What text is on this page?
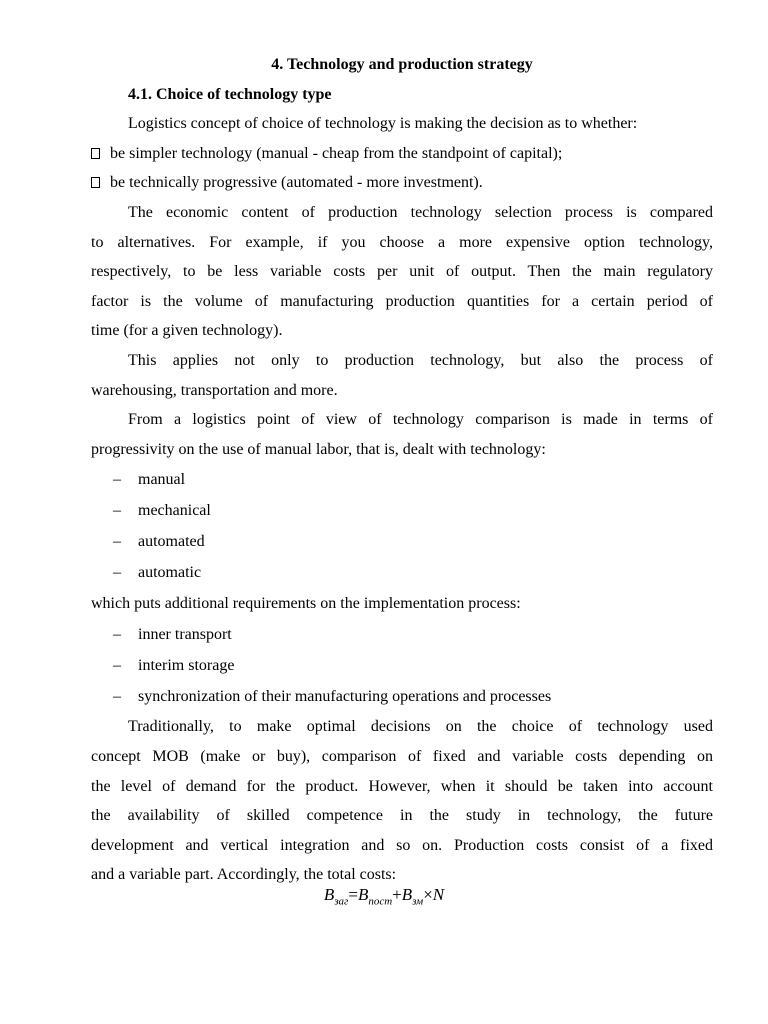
4. Technology and production strategy
4.1. Choice of technology type
Logistics concept of choice of technology is making the decision as to whether:
be simpler technology (manual - cheap from the standpoint of capital);
be technically progressive (automated - more investment).
The economic content of production technology selection process is compared
to alternatives. For example, if you choose a more expensive option technology,
respectively, to be less variable costs per unit of output. Then the main regulatory
factor is the volume of manufacturing production quantities for a certain period of
time (for a given technology).
This applies not only to production technology, but also the process of
warehousing, transportation and more.
From a logistics point of view of technology comparison is made in terms of
progressivity on the use of manual labor, that is, dealt with technology:
– manual
– mechanical
– automated
– automatic
which puts additional requirements on the implementation process:
– inner transport
– interim storage
– synchronization of their manufacturing operations and processes
Traditionally, to make optimal decisions on the choice of technology used
concept MOB (make or buy), comparison of fixed and variable costs depending on
the level of demand for the product. However, when it should be taken into account
the availability of skilled competence in the study in technology, the future
development and vertical integration and so on. Production costs consist of a fixed
and a variable part. Accordingly, the total costs:
$B_{заг}=B_{пост}+B_{зм}\times N$
